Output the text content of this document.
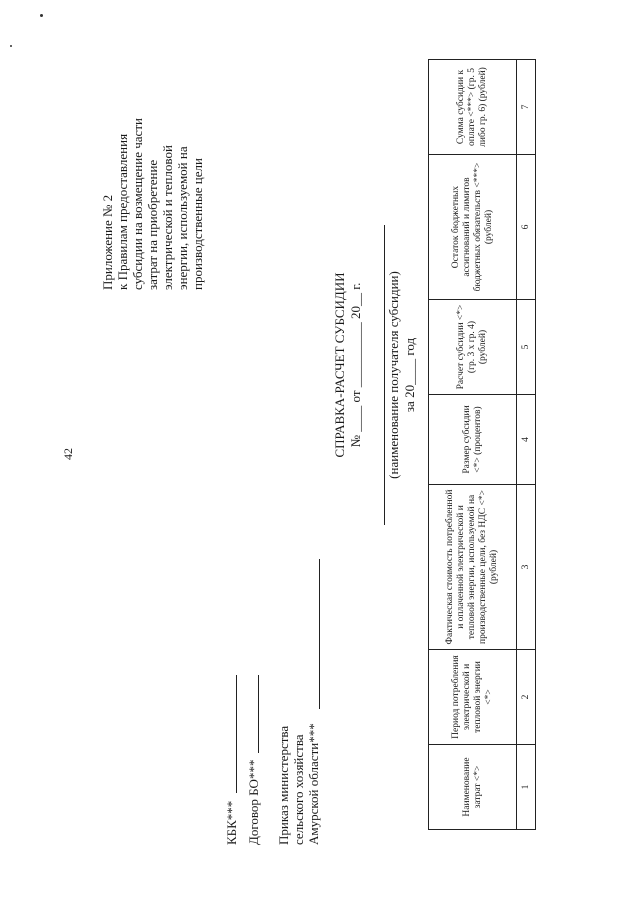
42
Приложение № 2 к Правилам предоставления субсидии на возмещение части затрат на приобретение электрической и тепловой энергии, используемой на производственные цели
КБК*** Договор БО*** Приказ министерства сельского хозяйства Амурской области***
СПРАВКА-РАСЧЕТ СУБСИДИИ № ____ от __________ 20__ г. (наименование получателя субсидии) за 20____ год
Наименование затрат <*>	Период потребления электрической и тепловой энергии <*>	Фактическая стоимость потребленной и оплаченной электрической и тепловой энергии, используемой на производственные цели, без НДС <*> (рублей)	Размер субсидии <*> (процентов)	Расчет субсидии <*> (гр. 3 x гр. 4) (рублей)	Остаток бюджетных ассигнований и лимитов бюджетных обязательств <***> (рублей)	Сумма субсидии к оплате <***> (гр. 5 либо гр. 6) (рублей)
1	2	3	4	5	6	7
